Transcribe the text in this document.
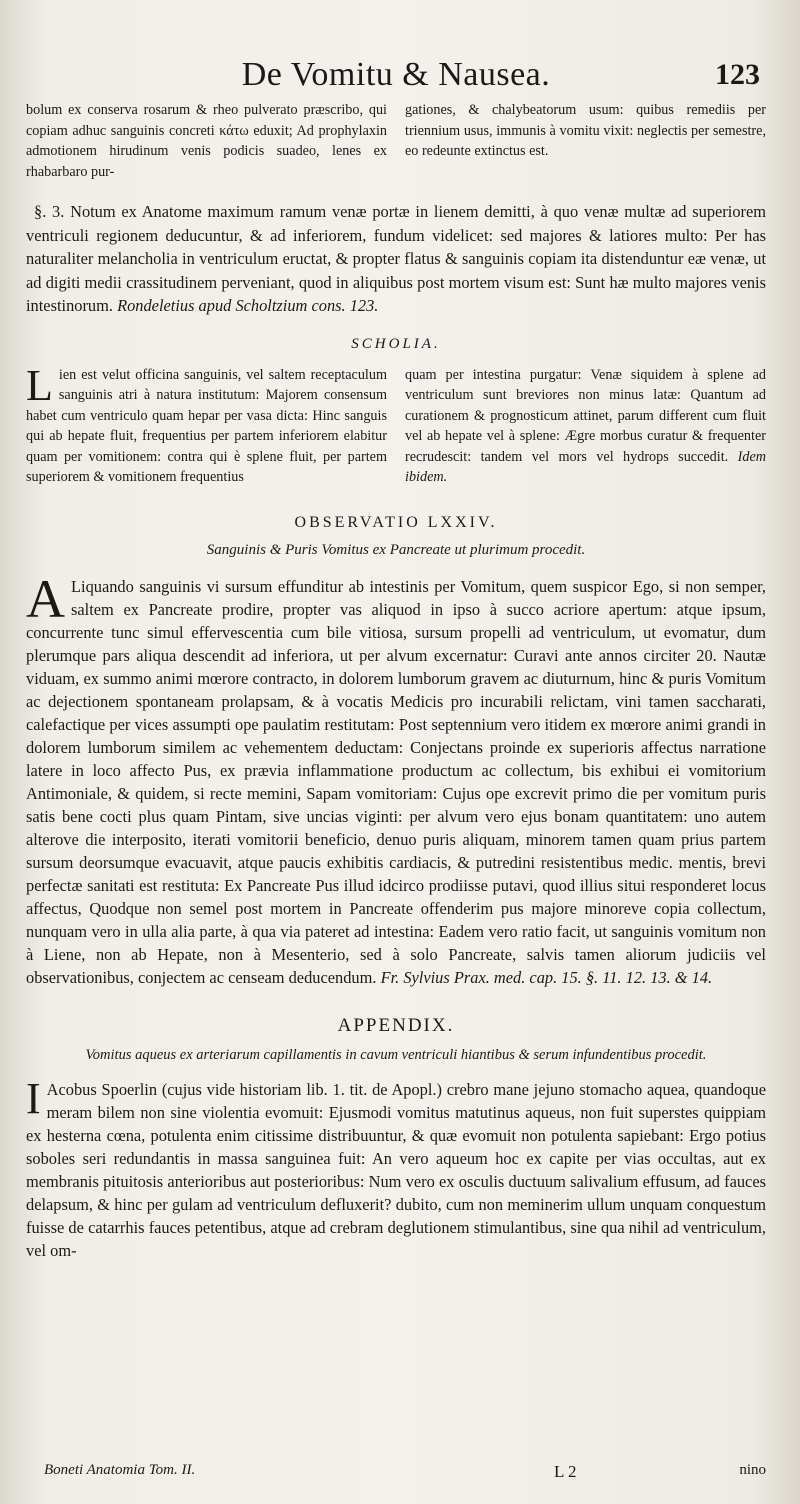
De Vomitu & Nausea.	123
bolum ex conserva rosarum & rheo pulverato præscribo, qui copiam adhuc sanguinis concreti κάτω eduxit; Ad prophylaxin admotionem hirudinum venis podicis suadeo, lenes ex rhabarbaro pur-
gationes, & chalybeatorum usum: quibus remediis per triennium usus, immunis à vomitu vixit: neglectis per semestre, eo redeunte extinctus est.

§. 3. Notum ex Anatome maximum ramum venæ portæ in lienem demitti, à quo venæ multæ ad superiorem ventriculi regionem deducuntur, & ad inferiorem, fundum videlicet: sed majores & latiores multo: Per has naturaliter melancholia in ventriculum eructat, & propter flatus & sanguinis copiam ita distenduntur eæ venæ, ut ad digiti medii crassitudinem perveniant, quod in aliquibus post mortem visum est: Sunt hæ multo majores venis intestinorum. Rondeletius apud Scholtzium cons. 123.

SCHOLIA.
L ien est velut officina sanguinis, vel saltem receptaculum sanguinis atri à natura institutum: Majorem consensum habet cum ventriculo quam hepar per vasa dicta: Hinc sanguis qui ab hepate fluit, frequentius per partem inferiorem elabitur quam per vomitionem: contra qui è splene fluit, per partem superiorem & vomitionem frequentius
quam per intestina purgatur: Venæ siquidem à splene ad ventriculum sunt breviores non minus latæ: Quantum ad curationem & prognosticum attinet, parum different cum fluit vel ab hepate vel à splene: Ægre morbus curatur & frequenter recrudescit: tandem vel mors vel hydrops succedit. Idem ibidem.
OBSERVATIO LXXIV.
Sanguinis & Puris Vomitus ex Pancreate ut plurimum procedit.
A Liquando sanguinis vi sursum effunditur ab intestinis per Vomitum, quem suspicor Ego, si non semper, saltem ex Pancreate prodire, propter vas aliquod in ipso à succo acriore apertum: atque ipsum, concurrente tunc simul effervescentia cum bile vitiosa, sursum propelli ad ventriculum, ut evomatur, dum plerumque pars aliqua descendit ad inferiora, ut per alvum excernatur: Curavi ante annos circiter 20. Nautæ viduam, ex summo animi mœrore contracto, in dolorem lumborum gravem ac diuturnum, hinc & puris Vomitum ac dejectionem spontaneam prolapsam, & à vocatis Medicis pro incurabili relictam, vini tamen saccharati, calefactique per vices assumpti ope paulatim restitutam: Post septennium vero itidem ex mœrore animi grandi in dolorem lumborum similem ac vehementem deductam: Conjectans proinde ex superioris affectus narratione latere in loco affecto Pus, ex prævia inflammatione productum ac collectum, bis exhibui ei vomitorium Antimoniale, & quidem, si recte memini, Sapam vomitoriam: Cujus ope excrevit primo die per vomitum puris satis bene cocti plus quam Pintam, sive uncias viginti: per alvum vero ejus bonam quantitatem: uno autem alterove die interposito, iterati vomitorii beneficio, denuo puris aliquam, minorem tamen quam prius partem sursum deorsumque evacuavit, atque paucis exhibitis cardiacis, & putredini resistentibus medic. mentis, brevi perfectæ sanitati est restituta: Ex Pancreate Pus illud idcirco prodiisse putavi, quod illius situi responderet locus affectus, Quodque non semel post mortem in Pancreate offenderim pus majore minoreve copia collectum, nunquam vero in ulla alia parte, à qua via pateret ad intestina: Eadem vero ratio facit, ut sanguinis vomitum non à Liene, non ab Hepate, non à Mesenterio, sed à solo Pancreate, salvis tamen aliorum judiciis vel observationibus, conjectem ac censeam deducendum. Fr. Sylvius Prax. med. cap. 15. §. 11. 12. 13. & 14.
APPENDIX.
Vomitus aqueus ex arteriarum capillamentis in cavum ventriculi hiantibus & serum infundentibus procedit.
I Acobus Spoerlin (cujus vide historiam lib. 1. tit. de Apopl.) crebro mane jejuno stomacho aquea, quandoque meram bilem non sine violentia evomuit: Ejusmodi vomitus matutinus aqueus, non fuit superstes quippiam ex hesterna cœna, potulenta enim citissime distribuuntur, & quæ evomuit non potulenta sapiebant: Ergo potius soboles seri redundantis in massa sanguinea fuit: An vero aqueum hoc ex capite per vias occultas, aut ex membranis pituitosis anterioribus aut posterioribus: Num vero ex osculis ductuum salivalium effusum, ad fauces delapsum, & hinc per gulam ad ventriculum defluxerit? dubito, cum non meminerim ullum unquam conquestum fuisse de catarrhis fauces petentibus, atque ad crebram deglutionem stimulantibus, sine qua nihil ad ventriculum, vel om-
Boneti Anatomia Tom. II.	L 2	nino
